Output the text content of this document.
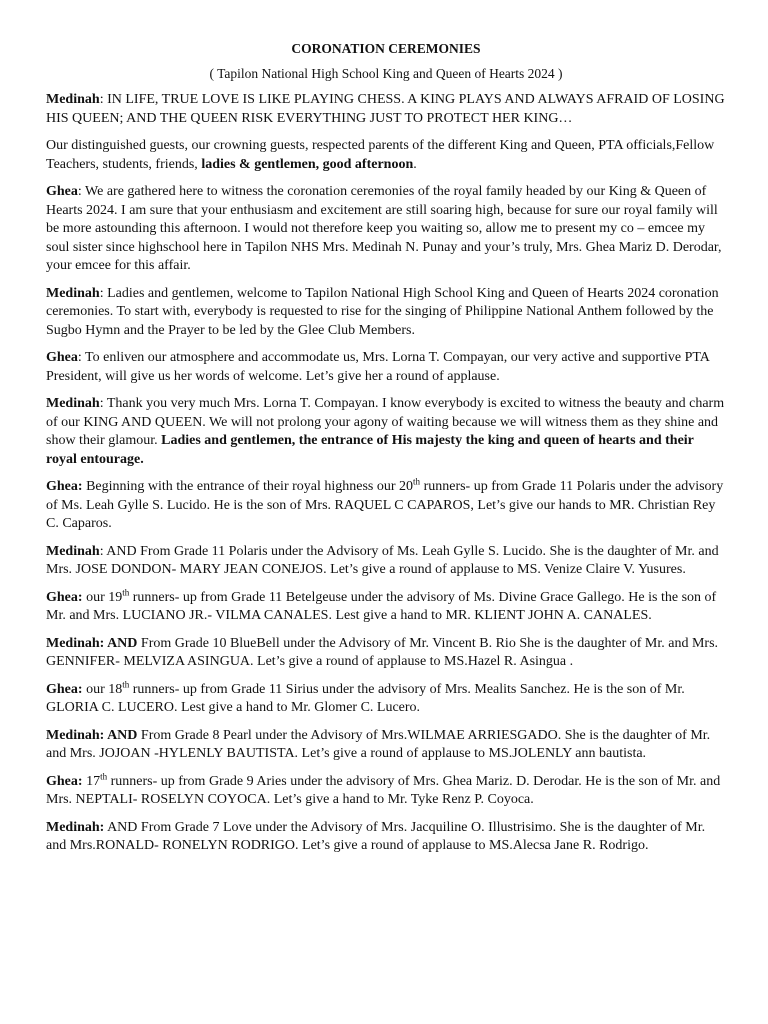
CORONATION CEREMONIES
( Tapilon National High School King and Queen of Hearts 2024 )

Medinah: IN LIFE, TRUE LOVE IS LIKE PLAYING CHESS. A KING PLAYS AND ALWAYS AFRAID OF LOSING HIS QUEEN; AND THE QUEEN RISK EVERYTHING JUST TO PROTECT HER KING…

Our distinguished guests, our crowning guests, respected parents of the different King and Queen, PTA officials,Fellow Teachers, students, friends, ladies & gentlemen, good afternoon.

Ghea: We are gathered here to witness the coronation ceremonies of the royal family headed by our King & Queen of Hearts 2024. I am sure that your enthusiasm and excitement are still soaring high, because for sure our royal family will be more astounding this afternoon. I would not therefore keep you waiting so, allow me to present my co – emcee my soul sister since highschool here in Tapilon NHS Mrs. Medinah N. Punay and your’s truly, Mrs. Ghea Mariz D. Derodar, your emcee for this affair.

Medinah: Ladies and gentlemen, welcome to Tapilon National High School King and Queen of Hearts 2024 coronation ceremonies. To start with, everybody is requested to rise for the singing of Philippine National Anthem followed by the Sugbo Hymn and the Prayer to be led by the Glee Club Members.

Ghea: To enliven our atmosphere and accommodate us, Mrs. Lorna T. Compayan, our very active and supportive PTA President, will give us her words of welcome. Let’s give her a round of applause.

Medinah: Thank you very much Mrs. Lorna T. Compayan. I know everybody is excited to witness the beauty and charm of our KING AND QUEEN. We will not prolong your agony of waiting because we will witness them as they shine and show their glamour. Ladies and gentlemen, the entrance of His majesty the king and queen of hearts and their royal entourage.

Ghea: Beginning with the entrance of their royal highness our 20th runners- up from Grade 11 Polaris under the advisory of Ms. Leah Gylle S. Lucido. He is the son of Mrs. RAQUEL C CAPAROS, Let’s give our hands to MR. Christian Rey C. Caparos.

Medinah: AND From Grade 11 Polaris under the Advisory of Ms. Leah Gylle S. Lucido. She is the daughter of Mr. and Mrs. JOSE DONDON- MARY JEAN CONEJOS. Let’s give a round of applause to MS. Venize Claire V. Yusures.

Ghea: our 19th runners- up from Grade 11 Betelgeuse under the advisory of Ms. Divine Grace Gallego. He is the son of Mr. and Mrs. LUCIANO JR.- VILMA CANALES. Lest give a hand to MR. KLIENT JOHN A. CANALES.

Medinah: AND From Grade 10 BlueBell under the Advisory of Mr. Vincent B. Rio She is the daughter of Mr. and Mrs. GENNIFER- MELVIZA ASINGUA. Let’s give a round of applause to MS.Hazel R. Asingua .

Ghea: our 18th runners- up from Grade 11 Sirius under the advisory of Mrs. Mealits Sanchez. He is the son of Mr. GLORIA C. LUCERO. Lest give a hand to Mr. Glomer C. Lucero.

Medinah: AND From Grade 8 Pearl under the Advisory of Mrs.WILMAE ARRIESGADO. She is the daughter of Mr. and Mrs. JOJOAN -HYLENLY BAUTISTA. Let’s give a round of applause to MS.JOLENLY ann bautista.

Ghea: 17th runners- up from Grade 9 Aries under the advisory of Mrs. Ghea Mariz. D. Derodar. He is the son of Mr. and Mrs. NEPTALI- ROSELYN COYOCA. Let’s give a hand to Mr. Tyke Renz P. Coyoca.

Medinah: AND From Grade 7 Love under the Advisory of Mrs. Jacquiline O. Illustrisimo. She is the daughter of Mr. and Mrs.RONALD- RONELYN RODRIGO. Let’s give a round of applause to MS.Alecsa Jane R. Rodrigo.
